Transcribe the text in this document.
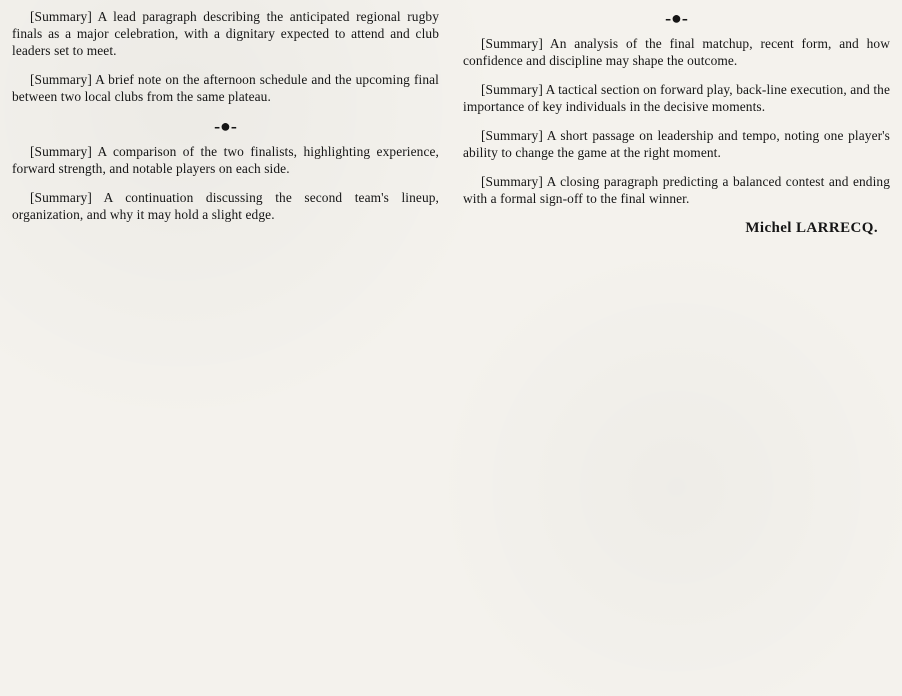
[Summary] A lead paragraph describing the anticipated regional rugby finals as a major celebration, with a dignitary expected to attend and club leaders set to meet.

[Summary] A brief note on the afternoon schedule and the upcoming final between two local clubs from the same plateau.

-●-

[Summary] A comparison of the two finalists, highlighting experience, forward strength, and notable players on each side.

[Summary] A continuation discussing the second team's lineup, organization, and why it may hold a slight edge.

-●-

[Summary] An analysis of the final matchup, recent form, and how confidence and discipline may shape the outcome.

[Summary] A tactical section on forward play, back-line execution, and the importance of key individuals in the decisive moments.

[Summary] A short passage on leadership and tempo, noting one player's ability to change the game at the right moment.

[Summary] A closing paragraph predicting a balanced contest and ending with a formal sign-off to the final winner.

Michel LARRECQ.
